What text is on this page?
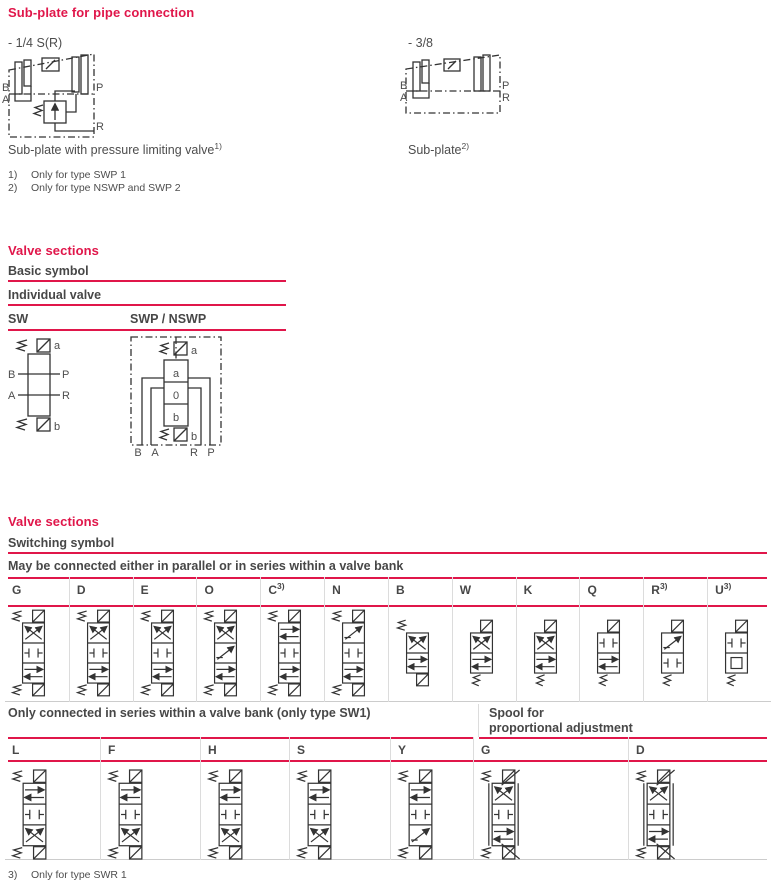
Sub-plate for pipe connection
- 1/4 S(R)	- 3/8
B
A
P
R
B
A
P
R
Sub-plate with pressure limiting valve$^{1)}$	Sub-plate$^{2)}$
1) Only for type SWP 1
2) Only for type NSWP and SWP 2
Valve sections
Basic symbol
Individual valve
SW	SWP / NSWP
a
b
B
A
P
R
a
b
a
0
b
B A	R P
Valve sections
Switching symbol
May be connected either in parallel or in series within a valve bank
G	D	E	O	$C^{3)}$	N	B	W	K	Q	$R^{3)}$	$U^{3)}$
Only connected in series within a valve bank (only type SW1)	Spool for
proportional adjustment
L	F	H	S	Y	G	D
3) Only for type SWR 1
